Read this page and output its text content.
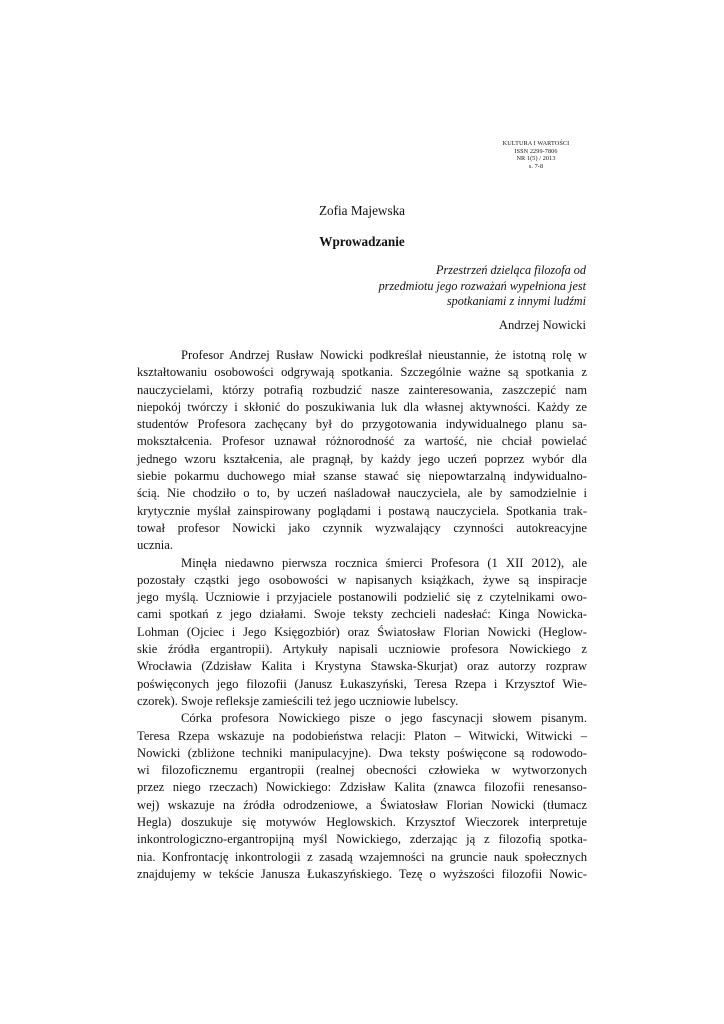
KULTURA I WARTOŚCI
ISSN 2299-7806
NR 1(5) / 2013
s. 7-8
Zofia Majewska
Wprowadzanie
Przestrzeń dzieląca filozofa od
przedmiotu jego rozważań wypełniona jest
spotkaniami z innymi ludźmi
Andrzej Nowicki

Profesor Andrzej Rusław Nowicki podkreślał nieustannie, że istotną rolę w
kształtowaniu osobowości odgrywają spotkania. Szczególnie ważne są spotkania z
nauczycielami, którzy potrafią rozbudzić nasze zainteresowania, zaszczepić nam
niepokój twórczy i skłonić do poszukiwania luk dla własnej aktywności. Każdy ze
studentów Profesora zachęcany był do przygotowania indywidualnego planu sa-
mokształcenia. Profesor uznawał różnorodność za wartość, nie chciał powielać
jednego wzoru kształcenia, ale pragnął, by każdy jego uczeń poprzez wybór dla
siebie pokarmu duchowego miał szanse stawać się niepowtarzalną indywidualno-
ścią. Nie chodziło o to, by uczeń naśladował nauczyciela, ale by samodzielnie i
krytycznie myślał zainspirowany poglądami i postawą nauczyciela. Spotkania trak-
tował profesor Nowicki jako czynnik wyzwalający czynności autokreacyjne
ucznia.

Minęła niedawno pierwsza rocznica śmierci Profesora (1 XII 2012), ale
pozostały cząstki jego osobowości w napisanych książkach, żywe są inspiracje
jego myślą. Uczniowie i przyjaciele postanowili podzielić się z czytelnikami owo-
cami spotkań z jego działami. Swoje teksty zechcieli nadesłać: Kinga Nowicka-
Lohman (Ojciec i Jego Księgozbiór) oraz Światosław Florian Nowicki (Heglow-
skie źródła ergantropii). Artykuły napisali uczniowie profesora Nowickiego z
Wrocławia (Zdzisław Kalita i Krystyna Stawska-Skurjat) oraz autorzy rozpraw
poświęconych jego filozofii (Janusz Łukaszyński, Teresa Rzepa i Krzysztof Wie-
czorek). Swoje refleksje zamieścili też jego uczniowie lubelscy.

Córka profesora Nowickiego pisze o jego fascynacji słowem pisanym.
Teresa Rzepa wskazuje na podobieństwa relacji: Platon – Witwicki, Witwicki –
Nowicki (zbliżone techniki manipulacyjne). Dwa teksty poświęcone są rodowodo-
wi filozoficznemu ergantropii (realnej obecności człowieka w wytworzonych
przez niego rzeczach) Nowickiego: Zdzisław Kalita (znawca filozofii renesanso-
wej) wskazuje na źródła odrodzeniowe, a Światosław Florian Nowicki (tłumacz
Hegla) doszukuje się motywów Heglowskich. Krzysztof Wieczorek interpretuje
inkontrologiczno-ergantropijną myśl Nowickiego, zderzając ją z filozofią spotka-
nia. Konfrontację inkontrologii z zasadą wzajemności na gruncie nauk społecznych
znajdujemy w tekście Janusza Łukaszyńskiego. Tezę o wyższości filozofii Nowic-
